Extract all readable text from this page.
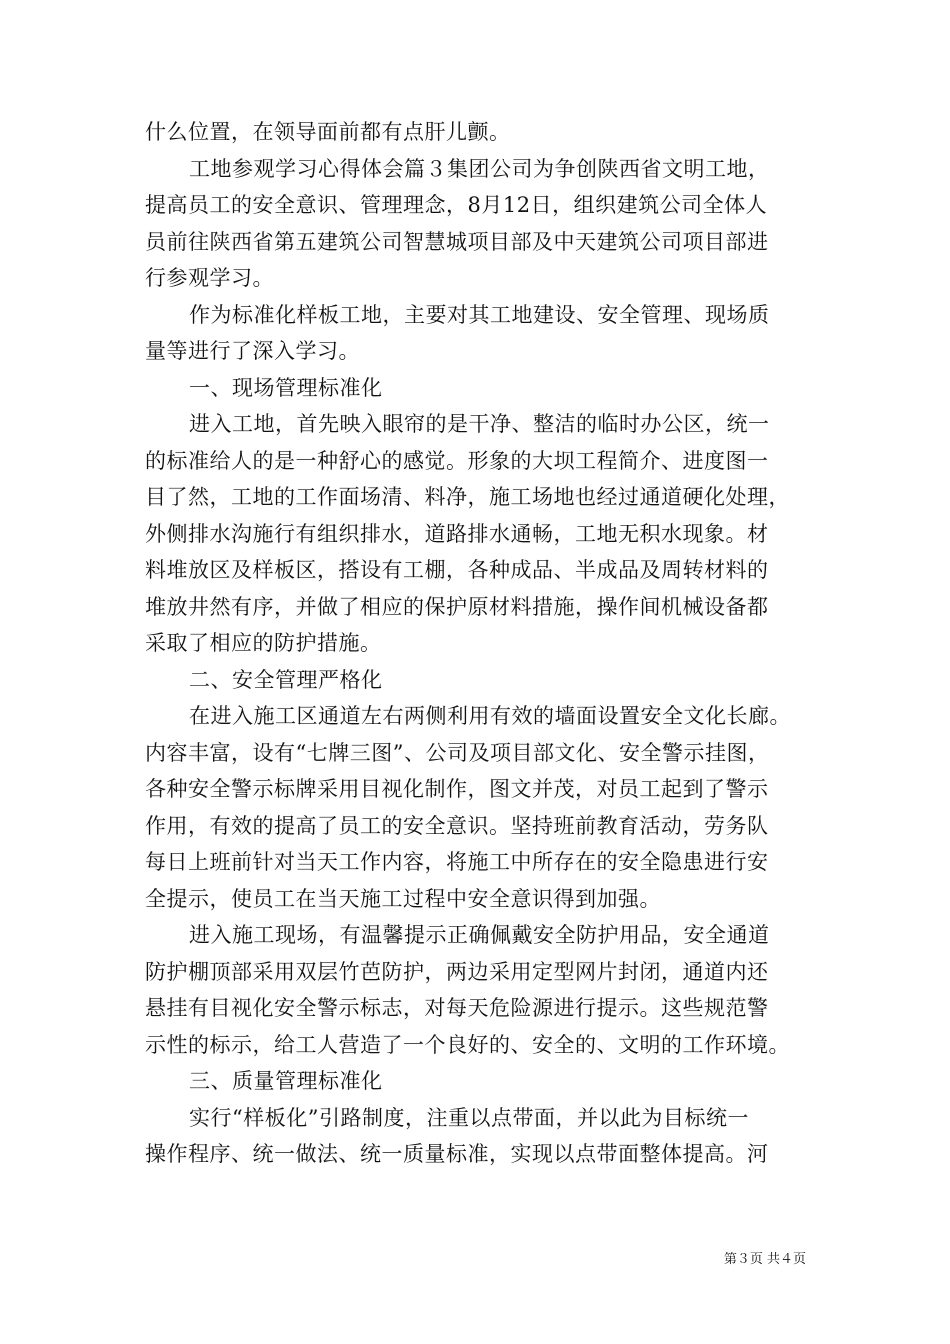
什么位置，在领导面前都有点肝儿颤。
工地参观学习心得体会篇３集团公司为争创陕西省文明工地，
提高员工的安全意识、管理理念，8月12日，组织建筑公司全体人
员前往陕西省第五建筑公司智慧城项目部及中天建筑公司项目部进
行参观学习。
作为标准化样板工地，主要对其工地建设、安全管理、现场质
量等进行了深入学习。
一、现场管理标准化
进入工地，首先映入眼帘的是干净、整洁的临时办公区，统一
的标准给人的是一种舒心的感觉。形象的大坝工程简介、进度图一
目了然，工地的工作面场清、料净，施工场地也经过通道硬化处理，
外侧排水沟施行有组织排水，道路排水通畅，工地无积水现象。材
料堆放区及样板区，搭设有工棚，各种成品、半成品及周转材料的
堆放井然有序，并做了相应的保护原材料措施，操作间机械设备都
采取了相应的防护措施。
二、安全管理严格化
在进入施工区通道左右两侧利用有效的墙面设置安全文化长廊。
内容丰富，设有“七牌三图”、公司及项目部文化、安全警示挂图，
各种安全警示标牌采用目视化制作，图文并茂，对员工起到了警示
作用，有效的提高了员工的安全意识。坚持班前教育活动，劳务队
每日上班前针对当天工作内容，将施工中所存在的安全隐患进行安
全提示，使员工在当天施工过程中安全意识得到加强。
进入施工现场，有温馨提示正确佩戴安全防护用品，安全通道
防护棚顶部采用双层竹芭防护，两边采用定型网片封闭，通道内还
悬挂有目视化安全警示标志，对每天危险源进行提示。这些规范警
示性的标示，给工人营造了一个良好的、安全的、文明的工作环境。
三、质量管理标准化
实行“样板化”引路制度，注重以点带面，并以此为目标统一
操作程序、统一做法、统一质量标准，实现以点带面整体提高。河
第３页 共４页
